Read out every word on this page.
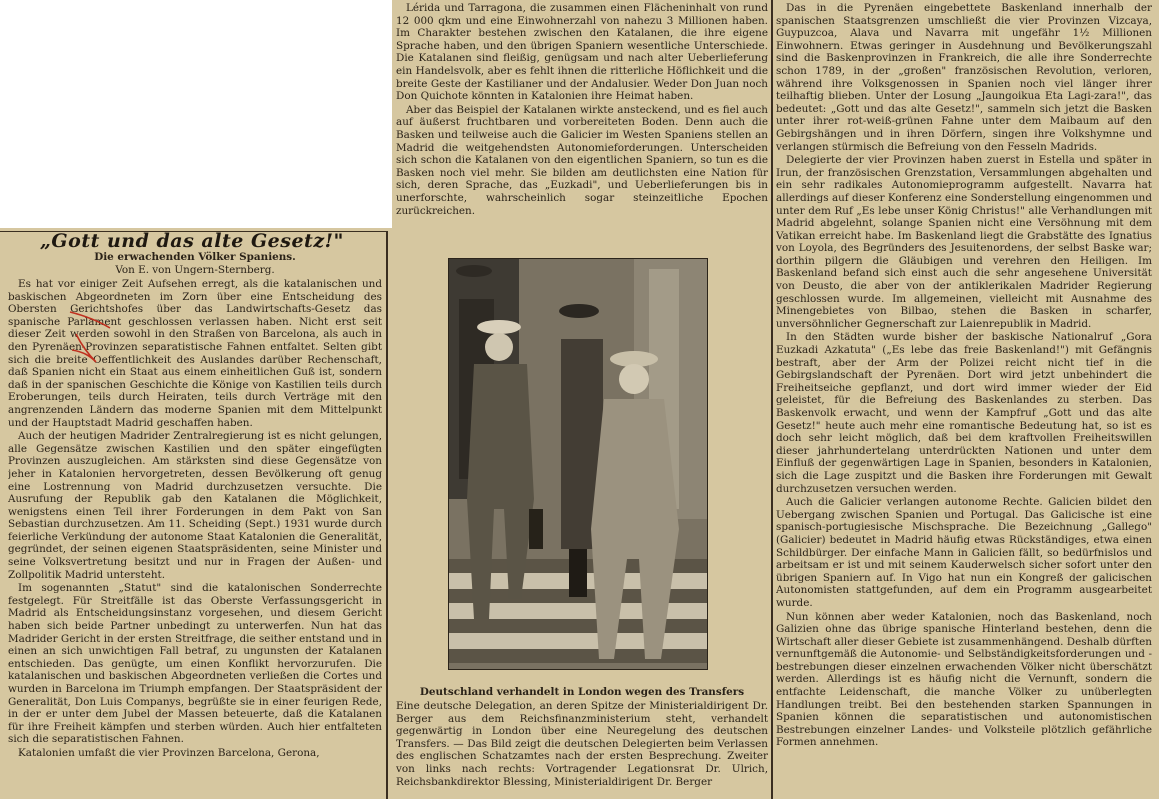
„Gott und das alte Gesetz!"
Die erwachenden Völker Spaniens.
Von E. von Ungern-Sternberg.

Es hat vor einiger Zeit Aufsehen erregt, als die katalanischen und baskischen Abgeordneten im Zorn über eine Entscheidung des Obersten Gerichtshofes über das Landwirtschafts-Gesetz das spanische Parlament geschlossen verlassen haben. Nicht erst seit dieser Zeit werden sowohl in den Straßen von Barcelona, als auch in den Pyrenäen-Provinzen separatistische Fahnen entfaltet. Selten gibt sich die breite Oeffentlichkeit des Auslandes darüber Rechenschaft, daß Spanien nicht ein Staat aus einem einheitlichen Guß ist, sondern daß in der spanischen Geschichte die Könige von Kastilien teils durch Eroberungen, teils durch Heiraten, teils durch Verträge mit den angrenzenden Ländern das moderne Spanien mit dem Mittelpunkt und der Hauptstadt Madrid geschaffen haben.

Auch der heutigen Madrider Zentralregierung ist es nicht gelungen, alle Gegensätze zwischen Kastilien und den später eingefügten Provinzen auszugleichen. Am stärksten sind diese Gegensätze von jeher in Katalonien hervorgetreten, dessen Bevölkerung oft genug eine Lostrennung von Madrid durchzusetzen versuchte. Die Ausrufung der Republik gab den Katalanen die Möglichkeit, wenigstens einen Teil ihrer Forderungen in dem Pakt von San Sebastian durchzusetzen. Am 11. Scheiding (Sept.) 1931 wurde durch feierliche Verkündung der autonome Staat Katalonien die Generalität, gegründet, der seinen eigenen Staatspräsidenten, seine Minister und seine Volksvertretung besitzt und nur in Fragen der Außen- und Zollpolitik Madrid untersteht.

Im sogenannten „Statut" sind die katalonischen Sonderrechte festgelegt. Für Streitfälle ist das Oberste Verfassungsgericht in Madrid als Entscheidungsinstanz vorgesehen, und diesem Gericht haben sich beide Partner unbedingt zu unterwerfen. Nun hat das Madrider Gericht in der ersten Streitfrage, die seither entstand und in einen an sich unwichtigen Fall betraf, zu ungunsten der Katalanen entschieden. Das genügte, um einen Konflikt hervorzurufen. Die katalanischen und baskischen Abgeordneten verließen die Cortes und wurden in Barcelona im Triumph empfangen. Der Staatspräsident der Generalität, Don Luis Companys, begrüßte sie in einer feurigen Rede, in der er unter dem Jubel der Massen beteuerte, daß die Katalanen für ihre Freiheit kämpfen und sterben würden. Auch hier entfalteten sich die separatistischen Fahnen.

Katalonien umfaßt die vier Provinzen Barcelona, Gerona,

Lérida und Tarragona, die zusammen einen Flächeninhalt von rund 12 000 qkm und eine Einwohnerzahl von nahezu 3 Millionen haben. Im Charakter bestehen zwischen den Katalanen, die ihre eigene Sprache haben, und den übrigen Spaniern wesentliche Unterschiede. Die Katalanen sind fleißig, genügsam und nach alter Ueberlieferung ein Handelsvolk, aber es fehlt ihnen die ritterliche Höflichkeit und die breite Geste der Kastilianer und der Andalusier. Weder Don Juan noch Don Quichote könnten in Katalonien ihre Heimat haben.

Aber das Beispiel der Katalanen wirkte ansteckend, und es fiel auch auf äußerst fruchtbaren und vorbereiteten Boden. Denn auch die Basken und teilweise auch die Galicier im Westen Spaniens stellen an Madrid die weitgehendsten Autonomieforderungen. Unterscheiden sich schon die Katalanen von den eigentlichen Spaniern, so tun es die Basken noch viel mehr. Sie bilden am deutlichsten eine Nation für sich, deren Sprache, das „Euzkadi", und Ueberlieferungen bis in unerforschte, wahrscheinlich sogar steinzeitliche Epochen zurückreichen.

Deutschland verhandelt in London wegen des Transfers

Eine deutsche Delegation, an deren Spitze der Ministerialdirigent Dr. Berger aus dem Reichsfinanzministerium steht, verhandelt gegenwärtig in London über eine Neuregelung des deutschen Transfers. — Das Bild zeigt die deutschen Delegierten beim Verlassen des englischen Schatzamtes nach der ersten Besprechung. Zweiter von links nach rechts: Vortragender Legationsrat Dr. Ulrich, Reichsbankdirektor Blessing, Ministerialdirigent Dr. Berger

Das in die Pyrenäen eingebettete Baskenland innerhalb der spanischen Staatsgrenzen umschließt die vier Provinzen Vizcaya, Guypuzcoa, Alava und Navarra mit ungefähr 1½ Millionen Einwohnern. Etwas geringer in Ausdehnung und Bevölkerungszahl sind die Baskenprovinzen in Frankreich, die alle ihre Sonderrechte schon 1789, in der „großen" französischen Revolution, verloren, während ihre Volksgenossen in Spanien noch viel länger ihrer teilhaftig blieben. Unter der Losung „Jaungoikua Eta Lagi-zara!", das bedeutet: „Gott und das alte Gesetz!", sammeln sich jetzt die Basken unter ihrer rot-weiß-grünen Fahne unter dem Maibaum auf den Gebirgshängen und in ihren Dörfern, singen ihre Volkshymne und verlangen stürmisch die Befreiung von den Fesseln Madrids.

Delegierte der vier Provinzen haben zuerst in Estella und später in Irun, der französischen Grenzstation, Versammlungen abgehalten und ein sehr radikales Autonomieprogramm aufgestellt. Navarra hat allerdings auf dieser Konferenz eine Sonderstellung eingenommen und unter dem Ruf „Es lebe unser König Christus!" alle Verhandlungen mit Madrid abgelehnt, solange Spanien nicht eine Versöhnung mit dem Vatikan erreicht habe. Im Baskenland liegt die Grabstätte des Ignatius von Loyola, des Begründers des Jesuitenordens, der selbst Baske war; dorthin pilgern die Gläubigen und verehren den Heiligen. Im Baskenland befand sich einst auch die sehr angesehene Universität von Deusto, die aber von der antiklerikalen Madrider Regierung geschlossen wurde. Im allgemeinen, vielleicht mit Ausnahme des Minengebietes von Bilbao, stehen die Basken in scharfer, unversöhnlicher Gegnerschaft zur Laienrepublik in Madrid.

In den Städten wurde bisher der baskische Nationalruf „Gora Euzkadi Azkatuta" („Es lebe das freie Baskenland!") mit Gefängnis bestraft, aber der Arm der Polizei reicht nicht tief in die Gebirgslandschaft der Pyrenäen. Dort wird jetzt unbehindert die Freiheitseiche gepflanzt, und dort wird immer wieder der Eid geleistet, für die Befreiung des Baskenlandes zu sterben. Das Baskenvolk erwacht, und wenn der Kampfruf „Gott und das alte Gesetz!" heute auch mehr eine romantische Bedeutung hat, so ist es doch sehr leicht möglich, daß bei dem kraftvollen Freiheitswillen dieser jahrhundertelang unterdrückten Nationen und unter dem Einfluß der gegenwärtigen Lage in Spanien, besonders in Katalonien, sich die Lage zuspitzt und die Basken ihre Forderungen mit Gewalt durchzusetzen versuchen werden.

Auch die Galicier verlangen autonome Rechte. Galicien bildet den Uebergang zwischen Spanien und Portugal. Das Galicische ist eine spanisch-portugiesische Mischsprache. Die Bezeichnung „Gallego" (Galicier) bedeutet in Madrid häufig etwas Rückständiges, etwa einen Schildbürger. Der einfache Mann in Galicien fällt, so bedürfnislos und arbeitsam er ist und mit seinem Kauderwelsch sicher sofort unter den übrigen Spaniern auf. In Vigo hat nun ein Kongreß der galicischen Autonomisten stattgefunden, auf dem ein Programm ausgearbeitet wurde.

Nun können aber weder Katalonien, noch das Baskenland, noch Galizien ohne das übrige spanische Hinterland bestehen, denn die Wirtschaft aller dieser Gebiete ist zusammenhängend. Deshalb dürften vernunftgemäß die Autonomie- und Selbständigkeitsforderungen und -bestrebungen dieser einzelnen erwachenden Völker nicht überschätzt werden. Allerdings ist es häufig nicht die Vernunft, sondern die entfachte Leidenschaft, die manche Völker zu unüberlegten Handlungen treibt. Bei den bestehenden starken Spannungen in Spanien können die separatistischen und autonomistischen Bestrebungen einzelner Landes- und Volksteile plötzlich gefährliche Formen annehmen.
